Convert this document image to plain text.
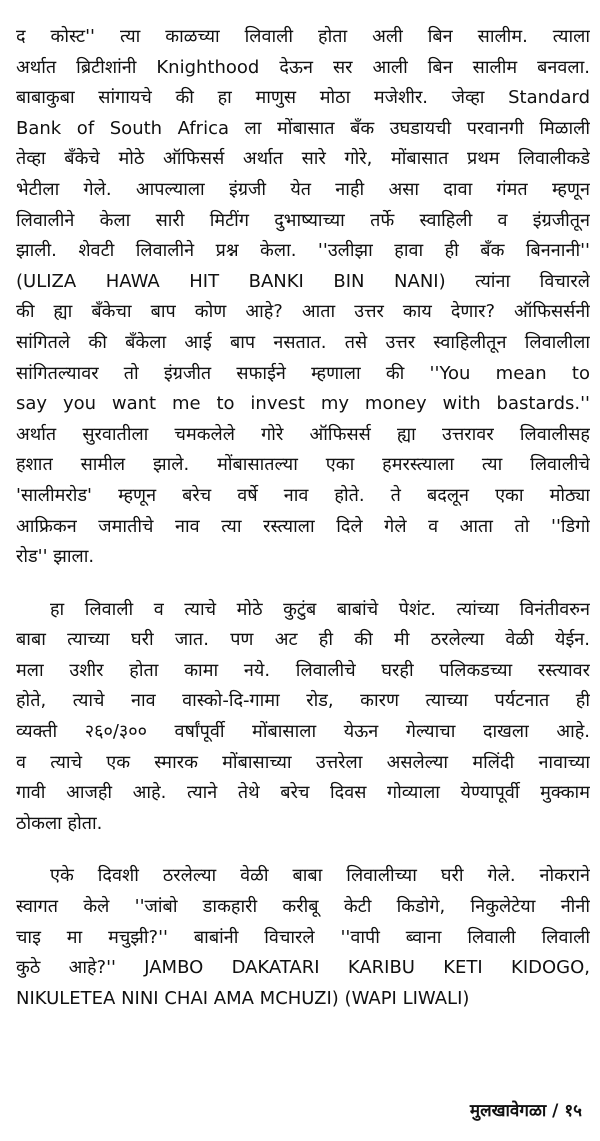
द कोस्ट'' त्या काळच्या लिवाली होता अली बिन सालीम. त्याला
अर्थात ब्रिटीशांनी Knighthood देऊन सर आली बिन सालीम बनवला.
बाबाकुबा सांगायचे की हा माणुस मोठा मजेशीर. जेव्हा Standard
Bank of South Africa ला मोंबासात बँक उघडायची परवानगी मिळाली
तेव्हा बँकेचे मोठे ऑफिसर्स अर्थात सारे गोरे, मोंबासात प्रथम लिवालीकडे
भेटीला गेले. आपल्याला इंग्रजी येत नाही असा दावा गंमत म्हणून
लिवालीने केला सारी मिटींग दुभाष्याच्या तर्फे स्वाहिली व इंग्रजीतून
झाली. शेवटी लिवालीने प्रश्न केला. ''उलीझा हावा ही बँक बिननानी''
(ULIZA HAWA HIT BANKI BIN NANI) त्यांना विचारले
की ह्या बँकेचा बाप कोण आहे? आता उत्तर काय देणार? ऑफिसर्सनी
सांगितले की बँकेला आई बाप नसतात. तसे उत्तर स्वाहिलीतून लिवालीला
सांगितल्यावर तो इंग्रजीत सफाईने म्हणाला की ''You mean to
say you want me to invest my money with bastards.''
अर्थात सुरवातीला चमकलेले गोरे ऑफिसर्स ह्या उत्तरावर लिवालीसह
हशात सामील झाले. मोंबासातल्या एका हमरस्त्याला त्या लिवालीचे
'सालीमरोड' म्हणून बरेच वर्षे नाव होते. ते बदलून एका मोठ्या
आफ्रिकन जमातीचे नाव त्या रस्त्याला दिले गेले व आता तो ''डिगो
रोड'' झाला.
हा लिवाली व त्याचे मोठे कुटुंब बाबांचे पेशंट. त्यांच्या विनंतीवरुन
बाबा त्याच्या घरी जात. पण अट ही की मी ठरलेल्या वेळी येईन.
मला उशीर होता कामा नये. लिवालीचे घरही पलिकडच्या रस्त्यावर
होते, त्याचे नाव वास्को-दि-गामा रोड, कारण त्याच्या पर्यटनात ही
व्यक्ती २६०/३०० वर्षांपूर्वी मोंबासाला येऊन गेल्याचा दाखला आहे.
व त्याचे एक स्मारक मोंबासाच्या उत्तरेला असलेल्या मलिंदी नावाच्या
गावी आजही आहे. त्याने तेथे बरेच दिवस गोव्याला येण्यापूर्वी मुक्काम
ठोकला होता.
एके दिवशी ठरलेल्या वेळी बाबा लिवालीच्या घरी गेले. नोकराने
स्वागत केले ''जांबो डाकहारी करीबू केटी किडोगे, निकुलेटेया नीनी
चाइ मा मचुझी?'' बाबांनी विचारले ''वापी ब्वाना लिवाली लिवाली
कुठे आहे?'' JAMBO DAKATARI KARIBU KETI KIDOGO,
NIKULETEA NINI CHAI AMA MCHUZI) (WAPI LIWALI)
मुलखावेगळा / १५
